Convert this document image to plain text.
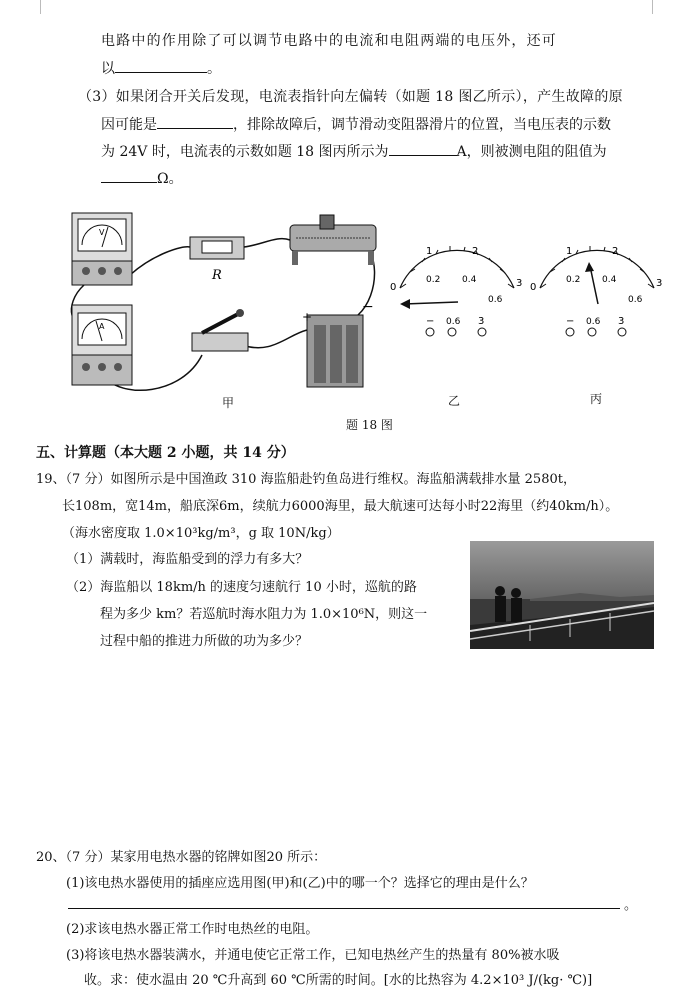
电路中的作用除了可以调节电路中的电流和电阻两端的电压外，还可
以	。
（3）如果闭合开关后发现，电流表指针向左偏转（如题 18 图乙所示），产生故障的原
因可能是	，排除故障后，调节滑动变阻器滑片的位置，当电压表的示数
为 24V 时，电流表的示数如题 18 图丙所示为	A，则被测电阻的阻值为
Ω。
V
A
R
+
−
0
1	2
3
0.2 0.4
0.6
− 0.6 3
0
1	2
3
0.2 0.4
0.6
− 0.6 3
甲	乙	丙
题 18 图
五、计算题（本大题 2 小题，共 14 分）
19、（7 分）如图所示是中国渔政 310 海监船赴钓鱼岛进行维权。海监船满载排水量 2580t，
长108m，宽14m，船底深6m，续航力6000海里，最大航速可达每小时22海里（约40km/h）。
（海水密度取 1.0×10³kg/m³，g 取 10N/kg）
（1）满载时，海监船受到的浮力有多大？
（2）海监船以 18km/h 的速度匀速航行 10 小时，巡航的路
程为多少 km？若巡航时海水阻力为 1.0×10⁶N，则这一
过程中船的推进力所做的功为多少？
20、（7 分）某家用电热水器的铭牌如图20 所示：
(1)该电热水器使用的插座应选用图(甲)和(乙)中的哪一个？选择它的理由是什么？
。
(2)求该电热水器正常工作时电热丝的电阻。
(3)将该电热水器装满水，并通电使它正常工作，已知电热丝产生的热量有 80%被水吸
收。求：使水温由 20 ℃升高到 60 ℃所需的时间。[水的比热容为 4.2×10³ J/(kg· ℃)]
